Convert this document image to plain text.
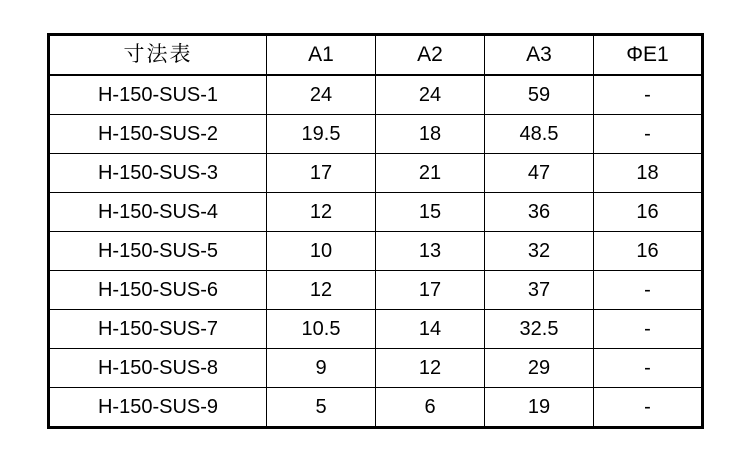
寸法表	A1	A2	A3	ΦE1
H-150-SUS-1	24	24	59	-
H-150-SUS-2	19.5	18	48.5	-
H-150-SUS-3	17	21	47	18
H-150-SUS-4	12	15	36	16
H-150-SUS-5	10	13	32	16
H-150-SUS-6	12	17	37	-
H-150-SUS-7	10.5	14	32.5	-
H-150-SUS-8	9	12	29	-
H-150-SUS-9	5	6	19	-
